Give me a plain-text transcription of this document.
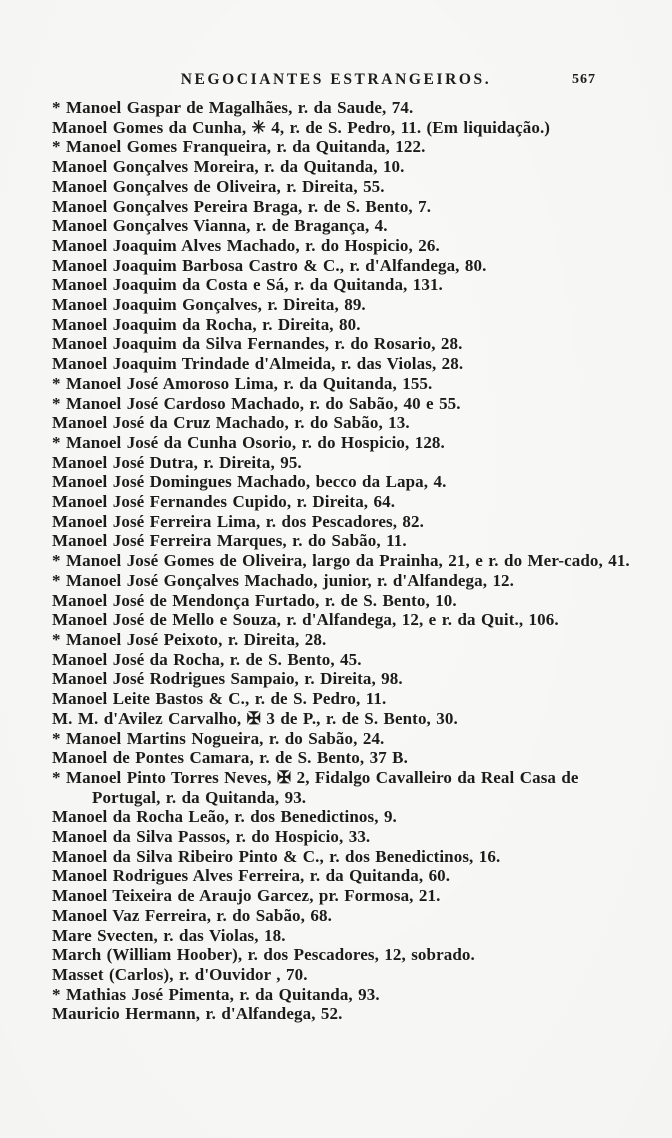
NEGOCIANTES ESTRANGEIROS.	567

* Manoel Gaspar de Magalhães, r. da Saude, 74.

Manoel Gomes da Cunha, ✳ 4, r. de S. Pedro, 11. (Em liquidação.)

* Manoel Gomes Franqueira, r. da Quitanda, 122.

Manoel Gonçalves Moreira, r. da Quitanda, 10.

Manoel Gonçalves de Oliveira, r. Direita, 55.

Manoel Gonçalves Pereira Braga, r. de S. Bento, 7.

Manoel Gonçalves Vianna, r. de Bragança, 4.

Manoel Joaquim Alves Machado, r. do Hospicio, 26.

Manoel Joaquim Barbosa Castro & C., r. d'Alfandega, 80.

Manoel Joaquim da Costa e Sá, r. da Quitanda, 131.

Manoel Joaquim Gonçalves, r. Direita, 89.

Manoel Joaquim da Rocha, r. Direita, 80.

Manoel Joaquim da Silva Fernandes, r. do Rosario, 28.

Manoel Joaquim Trindade d'Almeida, r. das Violas, 28.

* Manoel José Amoroso Lima, r. da Quitanda, 155.

* Manoel José Cardoso Machado, r. do Sabão, 40 e 55.

Manoel José da Cruz Machado, r. do Sabão, 13.

* Manoel José da Cunha Osorio, r. do Hospicio, 128.

Manoel José Dutra, r. Direita, 95.

Manoel José Domingues Machado, becco da Lapa, 4.

Manoel José Fernandes Cupido, r. Direita, 64.

Manoel José Ferreira Lima, r. dos Pescadores, 82.

Manoel José Ferreira Marques, r. do Sabão, 11.

* Manoel José Gomes de Oliveira, largo da Prainha, 21, e r. do Mer-cado, 41.

* Manoel José Gonçalves Machado, junior, r. d'Alfandega, 12.

Manoel José de Mendonça Furtado, r. de S. Bento, 10.

Manoel José de Mello e Souza, r. d'Alfandega, 12, e r. da Quit., 106.

* Manoel José Peixoto, r. Direita, 28.

Manoel José da Rocha, r. de S. Bento, 45.

Manoel José Rodrigues Sampaio, r. Direita, 98.

Manoel Leite Bastos & C., r. de S. Pedro, 11.

M. M. d'Avilez Carvalho, ✠ 3 de P., r. de S. Bento, 30.

* Manoel Martins Nogueira, r. do Sabão, 24.

Manoel de Pontes Camara, r. de S. Bento, 37 B.

* Manoel Pinto Torres Neves, ✠ 2, Fidalgo Cavalleiro da Real Casa de Portugal, r. da Quitanda, 93.

Manoel da Rocha Leão, r. dos Benedictinos, 9.

Manoel da Silva Passos, r. do Hospicio, 33.

Manoel da Silva Ribeiro Pinto & C., r. dos Benedictinos, 16.

Manoel Rodrigues Alves Ferreira, r. da Quitanda, 60.

Manoel Teixeira de Araujo Garcez, pr. Formosa, 21.

Manoel Vaz Ferreira, r. do Sabão, 68.

Mare Svecten, r. das Violas, 18.

March (William Hoober), r. dos Pescadores, 12, sobrado.

Masset (Carlos), r. d'Ouvidor , 70.

* Mathias José Pimenta, r. da Quitanda, 93.

Mauricio Hermann, r. d'Alfandega, 52.
